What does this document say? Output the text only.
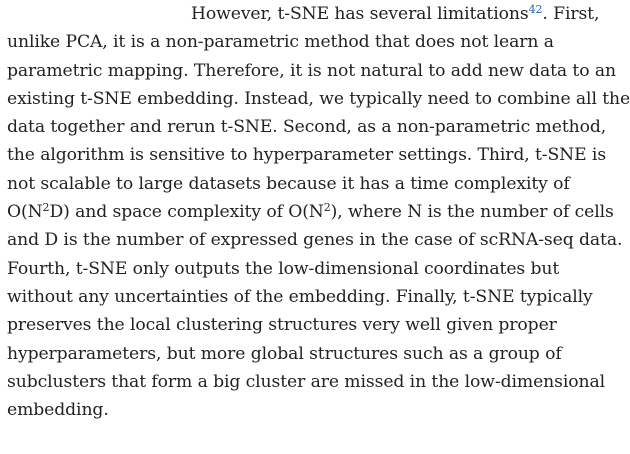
However, t-SNE has several limitations$^{42}$. First,
unlike PCA, it is a non-parametric method that does not learn a
parametric mapping. Therefore, it is not natural to add new data to an
existing t-SNE embedding. Instead, we typically need to combine all the
data together and rerun t-SNE. Second, as a non-parametric method,
the algorithm is sensitive to hyperparameter settings. Third, t-SNE is
not scalable to large datasets because it has a time complexity of
$O(N^2D)$ and space complexity of $O(N^2)$, where N is the number of cells
and D is the number of expressed genes in the case of scRNA-seq data.
Fourth, t-SNE only outputs the low-dimensional coordinates but
without any uncertainties of the embedding. Finally, t-SNE typically
preserves the local clustering structures very well given proper
hyperparameters, but more global structures such as a group of
subclusters that form a big cluster are missed in the low-dimensional
embedding.
